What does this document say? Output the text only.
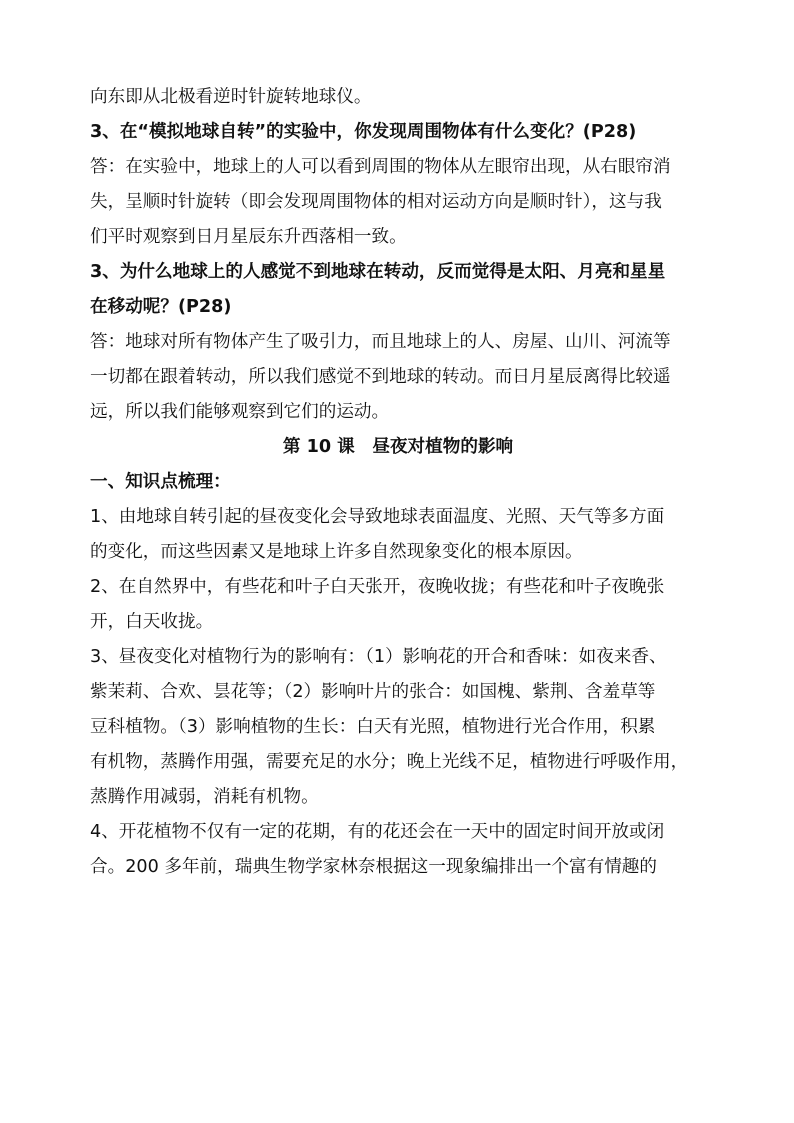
向东即从北极看逆时针旋转地球仪。

3、在“模拟地球自转”的实验中，你发现周围物体有什么变化？(P28)

答：在实验中，地球上的人可以看到周围的物体从左眼帘出现，从右眼帘消

失，呈顺时针旋转（即会发现周围物体的相对运动方向是顺时针），这与我

们平时观察到日月星辰东升西落相一致。

3、为什么地球上的人感觉不到地球在转动，反而觉得是太阳、月亮和星星

在移动呢？(P28)

答：地球对所有物体产生了吸引力，而且地球上的人、房屋、山川、河流等

一切都在跟着转动，所以我们感觉不到地球的转动。而日月星辰离得比较遥

远，所以我们能够观察到它们的运动。

第 10 课　昼夜对植物的影响

一、知识点梳理：

1、由地球自转引起的昼夜变化会导致地球表面温度、光照、天气等多方面

的变化，而这些因素又是地球上许多自然现象变化的根本原因。

2、在自然界中，有些花和叶子白天张开，夜晚收拢；有些花和叶子夜晚张

开，白天收拢。

3、昼夜变化对植物行为的影响有：（1）影响花的开合和香味：如夜来香、

紫茉莉、合欢、昙花等；（2）影响叶片的张合：如国槐、紫荆、含羞草等

豆科植物。（3）影响植物的生长：白天有光照，植物进行光合作用，积累

有机物，蒸腾作用强，需要充足的水分；晚上光线不足，植物进行呼吸作用，

蒸腾作用减弱，消耗有机物。

4、开花植物不仅有一定的花期，有的花还会在一天中的固定时间开放或闭

合。200 多年前，瑞典生物学家林奈根据这一现象编排出一个富有情趣的
